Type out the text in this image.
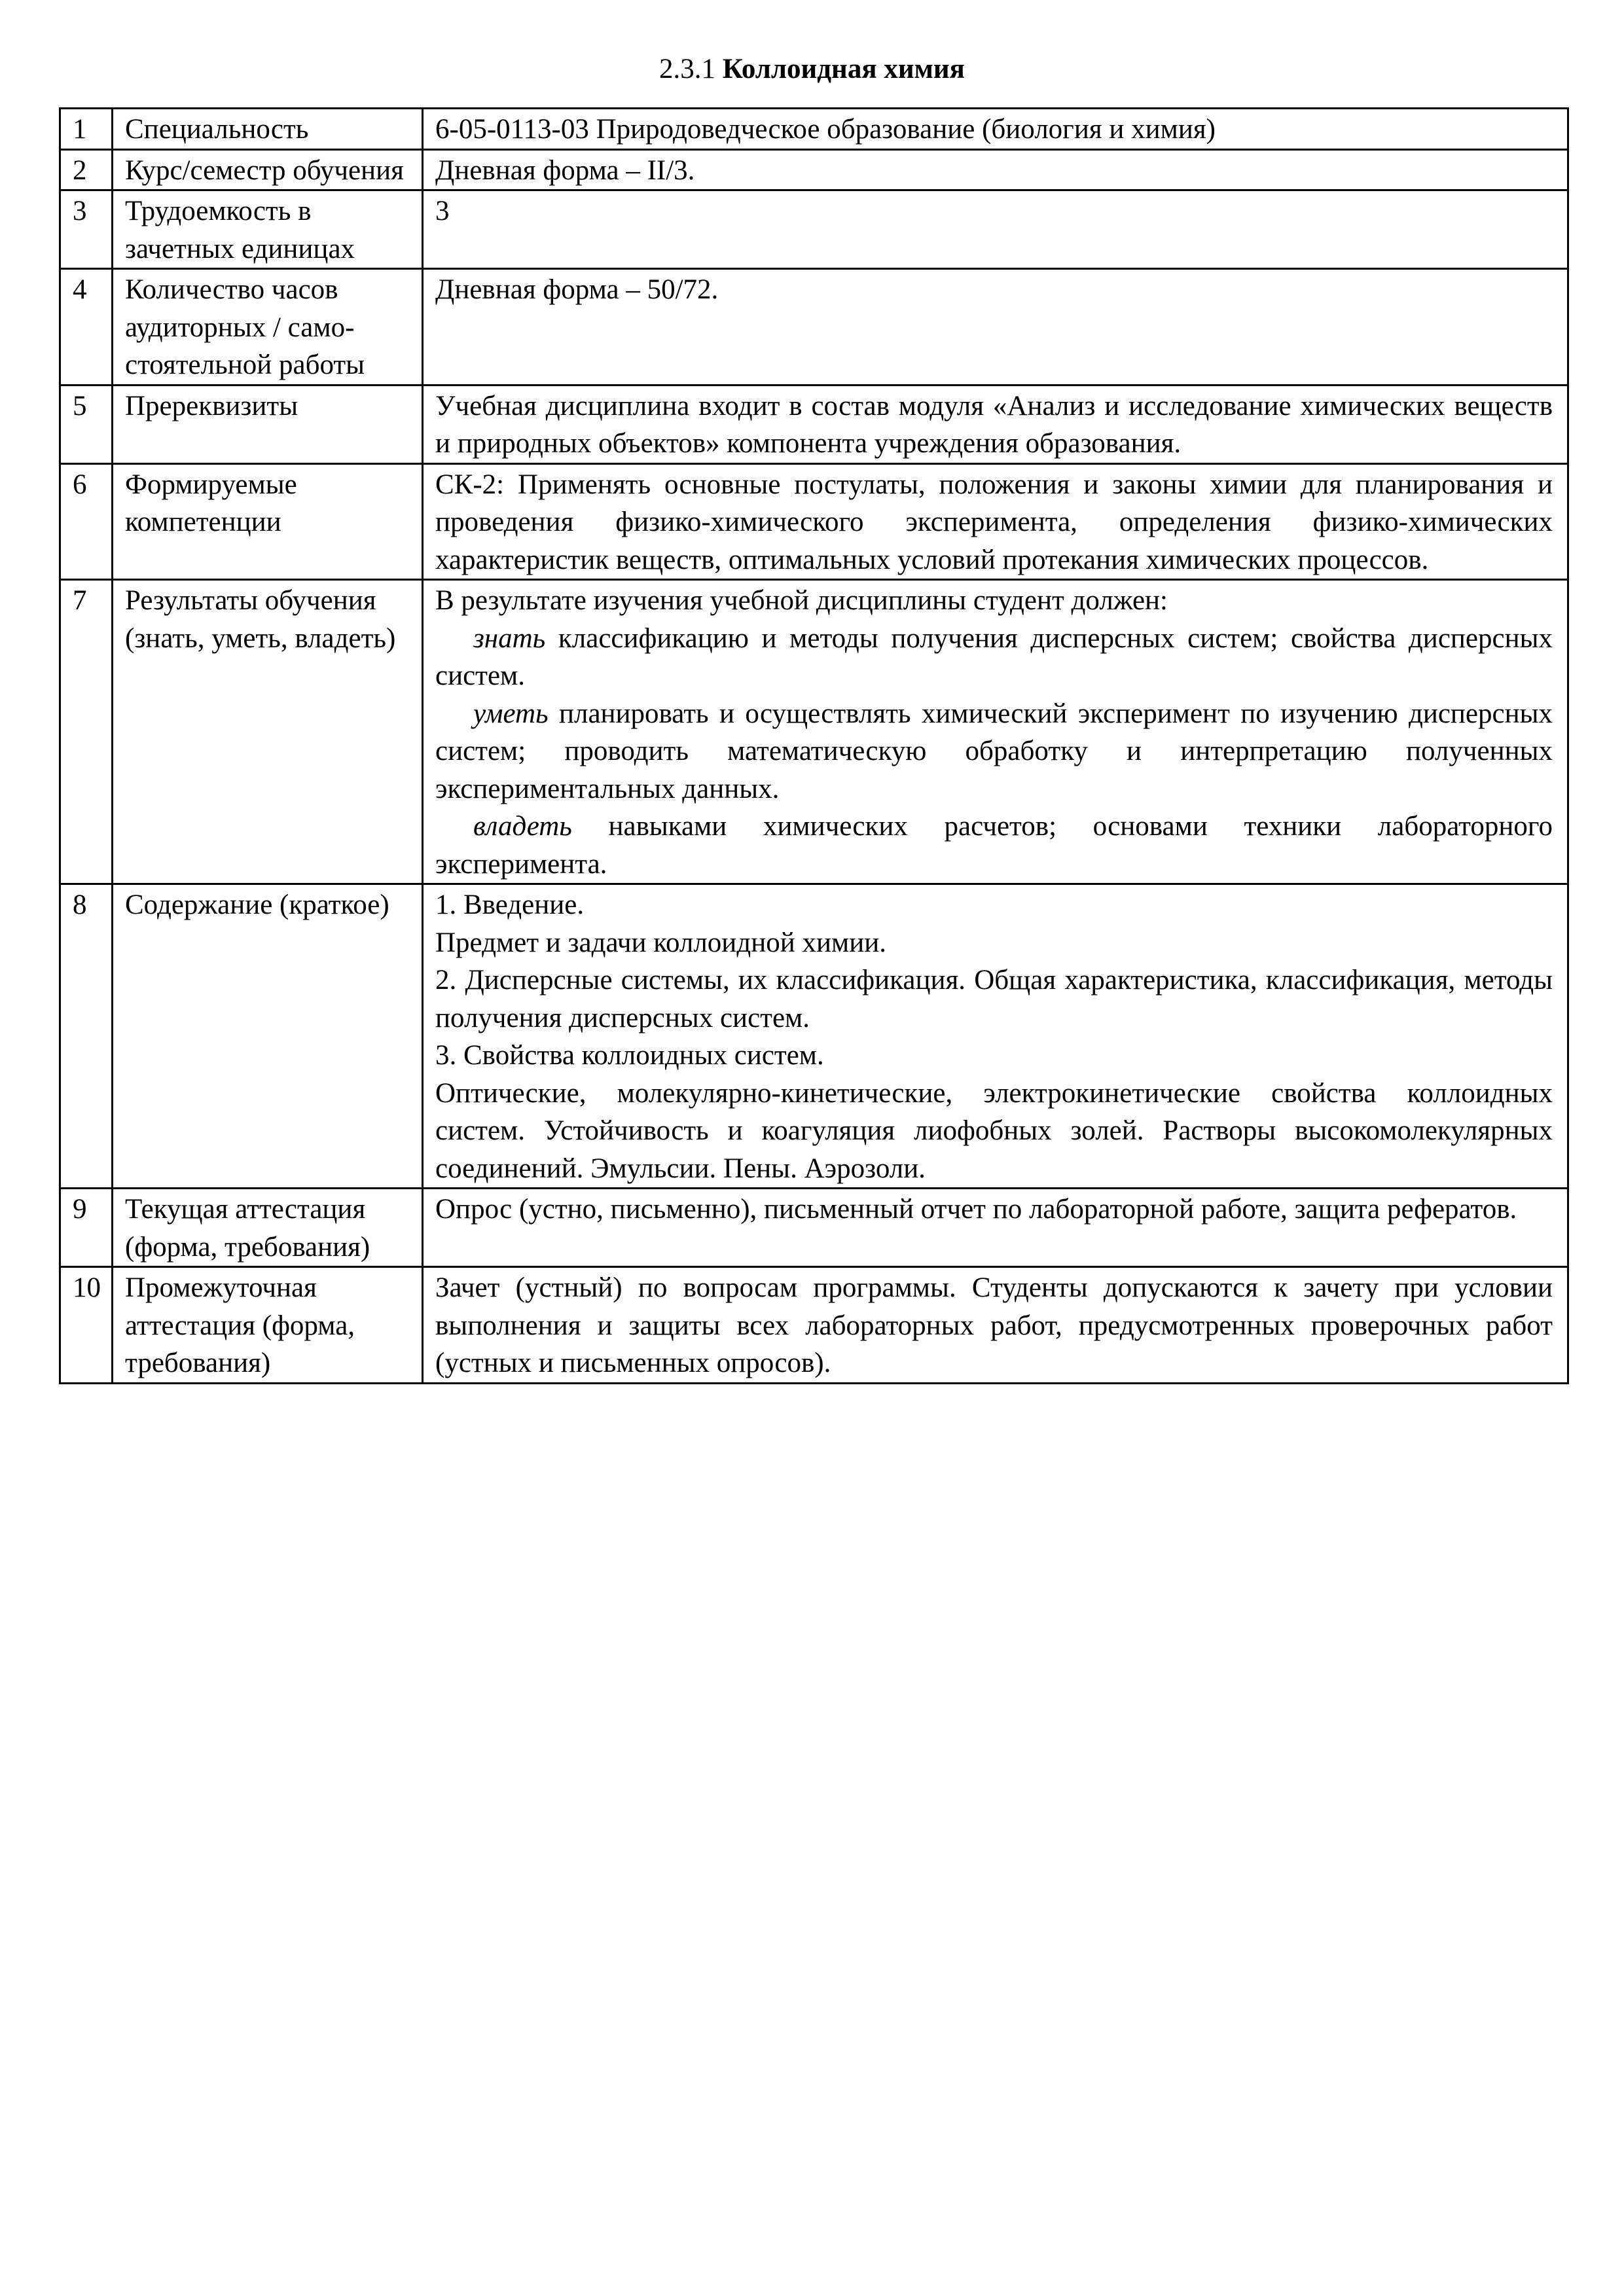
2.3.1 Коллоидная химия
1	Специальность	6-05-0113-03 Природоведческое образование (биология и химия)

2	Курс/семестр обучения	Дневная форма – II/3.

3	Трудоемкость в зачетных единицах	3

4	Количество часов аудиторных / само-стоятельной работы	Дневная форма – 50/72.

5	Пререквизиты	Учебная дисциплина входит в состав модуля «Анализ и исследование химических веществ и природных объектов» компонента учреждения образования.

6	Формируемые компетенции	СК-2: Применять основные постулаты, положения и законы химии для планирования и проведения физико-химического эксперимента, определения физико-химических характеристик веществ, оптимальных условий протекания химических процессов.

7	Результаты обучения (знать, уметь, владеть)	В результате изучения учебной дисциплины студент должен:

знать классификацию и методы получения дисперсных систем; свойства дисперсных систем.

уметь планировать и осуществлять химический эксперимент по изучению дисперсных систем; проводить математическую обработку и интерпретацию полученных экспериментальных данных.

владеть навыками химических расчетов; основами техники лабораторного эксперимента.

8	Содержание (краткое)	1. Введение.

Предмет и задачи коллоидной химии.

2. Дисперсные системы, их классификация. Общая характеристика, классификация, методы получения дисперсных систем.

3. Свойства коллоидных систем.

Оптические, молекулярно-кинетические, электрокинетические свойства коллоидных систем. Устойчивость и коагуляция лиофобных золей. Растворы высокомолекулярных соединений. Эмульсии. Пены. Аэрозоли.

9	Текущая аттестация (форма, требования)	Опрос (устно, письменно), письменный отчет по лабораторной работе, защита рефератов.

10	Промежуточная аттестация (форма, требования)	Зачет (устный) по вопросам программы. Студенты допускаются к зачету при условии выполнения и защиты всех лабораторных работ, предусмотренных проверочных работ (устных и письменных опросов).
